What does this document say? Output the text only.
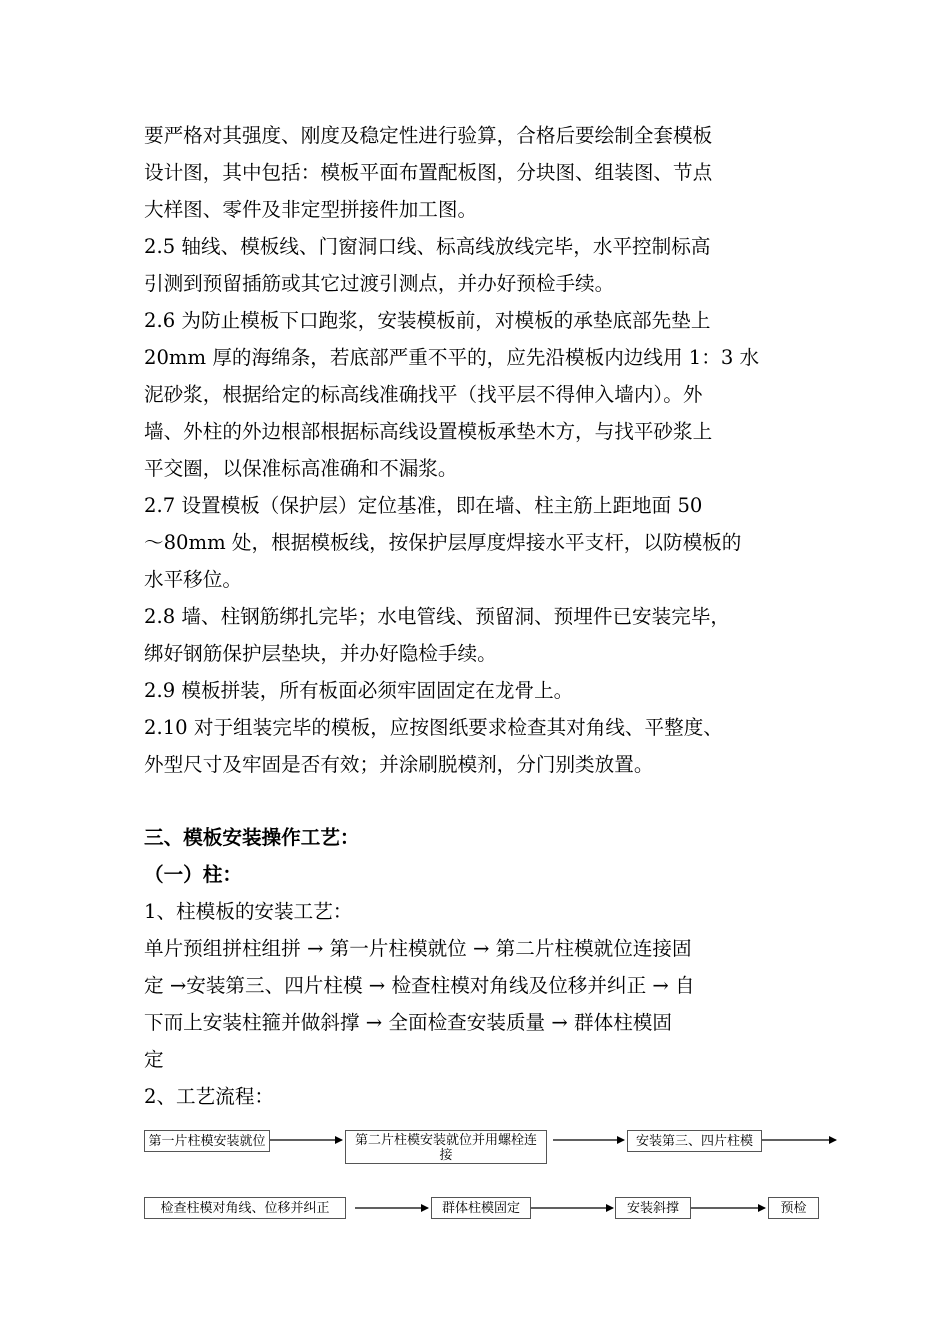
要严格对其强度、刚度及稳定性进行验算，合格后要绘制全套模板
设计图，其中包括：模板平面布置配板图，分块图、组装图、节点
大样图、零件及非定型拼接件加工图。
2.5 轴线、模板线、门窗洞口线、标高线放线完毕，水平控制标高
引测到预留插筋或其它过渡引测点，并办好预检手续。
2.6 为防止模板下口跑浆，安装模板前，对模板的承垫底部先垫上
20mm 厚的海绵条，若底部严重不平的，应先沿模板内边线用 1：3 水
泥砂浆，根据给定的标高线准确找平（找平层不得伸入墙内）。外
墙、外柱的外边根部根据标高线设置模板承垫木方，与找平砂浆上
平交圈，以保准标高准确和不漏浆。
2.7 设置模板（保护层）定位基准，即在墙、柱主筋上距地面 50
～80mm 处，根据模板线，按保护层厚度焊接水平支杆，以防模板的
水平移位。
2.8 墙、柱钢筋绑扎完毕；水电管线、预留洞、预埋件已安装完毕，
绑好钢筋保护层垫块，并办好隐检手续。
2.9 模板拼装，所有板面必须牢固固定在龙骨上。
2.10 对于组装完毕的模板，应按图纸要求检查其对角线、平整度、
外型尺寸及牢固是否有效；并涂刷脱模剂，分门别类放置。
三、模板安装操作工艺：
（一）柱：
1、柱模板的安装工艺：
单片预组拼柱组拼 → 第一片柱模就位 → 第二片柱模就位连接固
定 →安装第三、四片柱模 → 检查柱模对角线及位移并纠正 → 自
下而上安装柱箍并做斜撑 → 全面检查安装质量 → 群体柱模固
定
2、工艺流程：
第一片柱模安装就位	第二片柱模安装就位并用螺栓连接
安装第三、四片柱模
检查柱模对角线、位移并纠正	群体柱模固定	安装斜撑	预检
